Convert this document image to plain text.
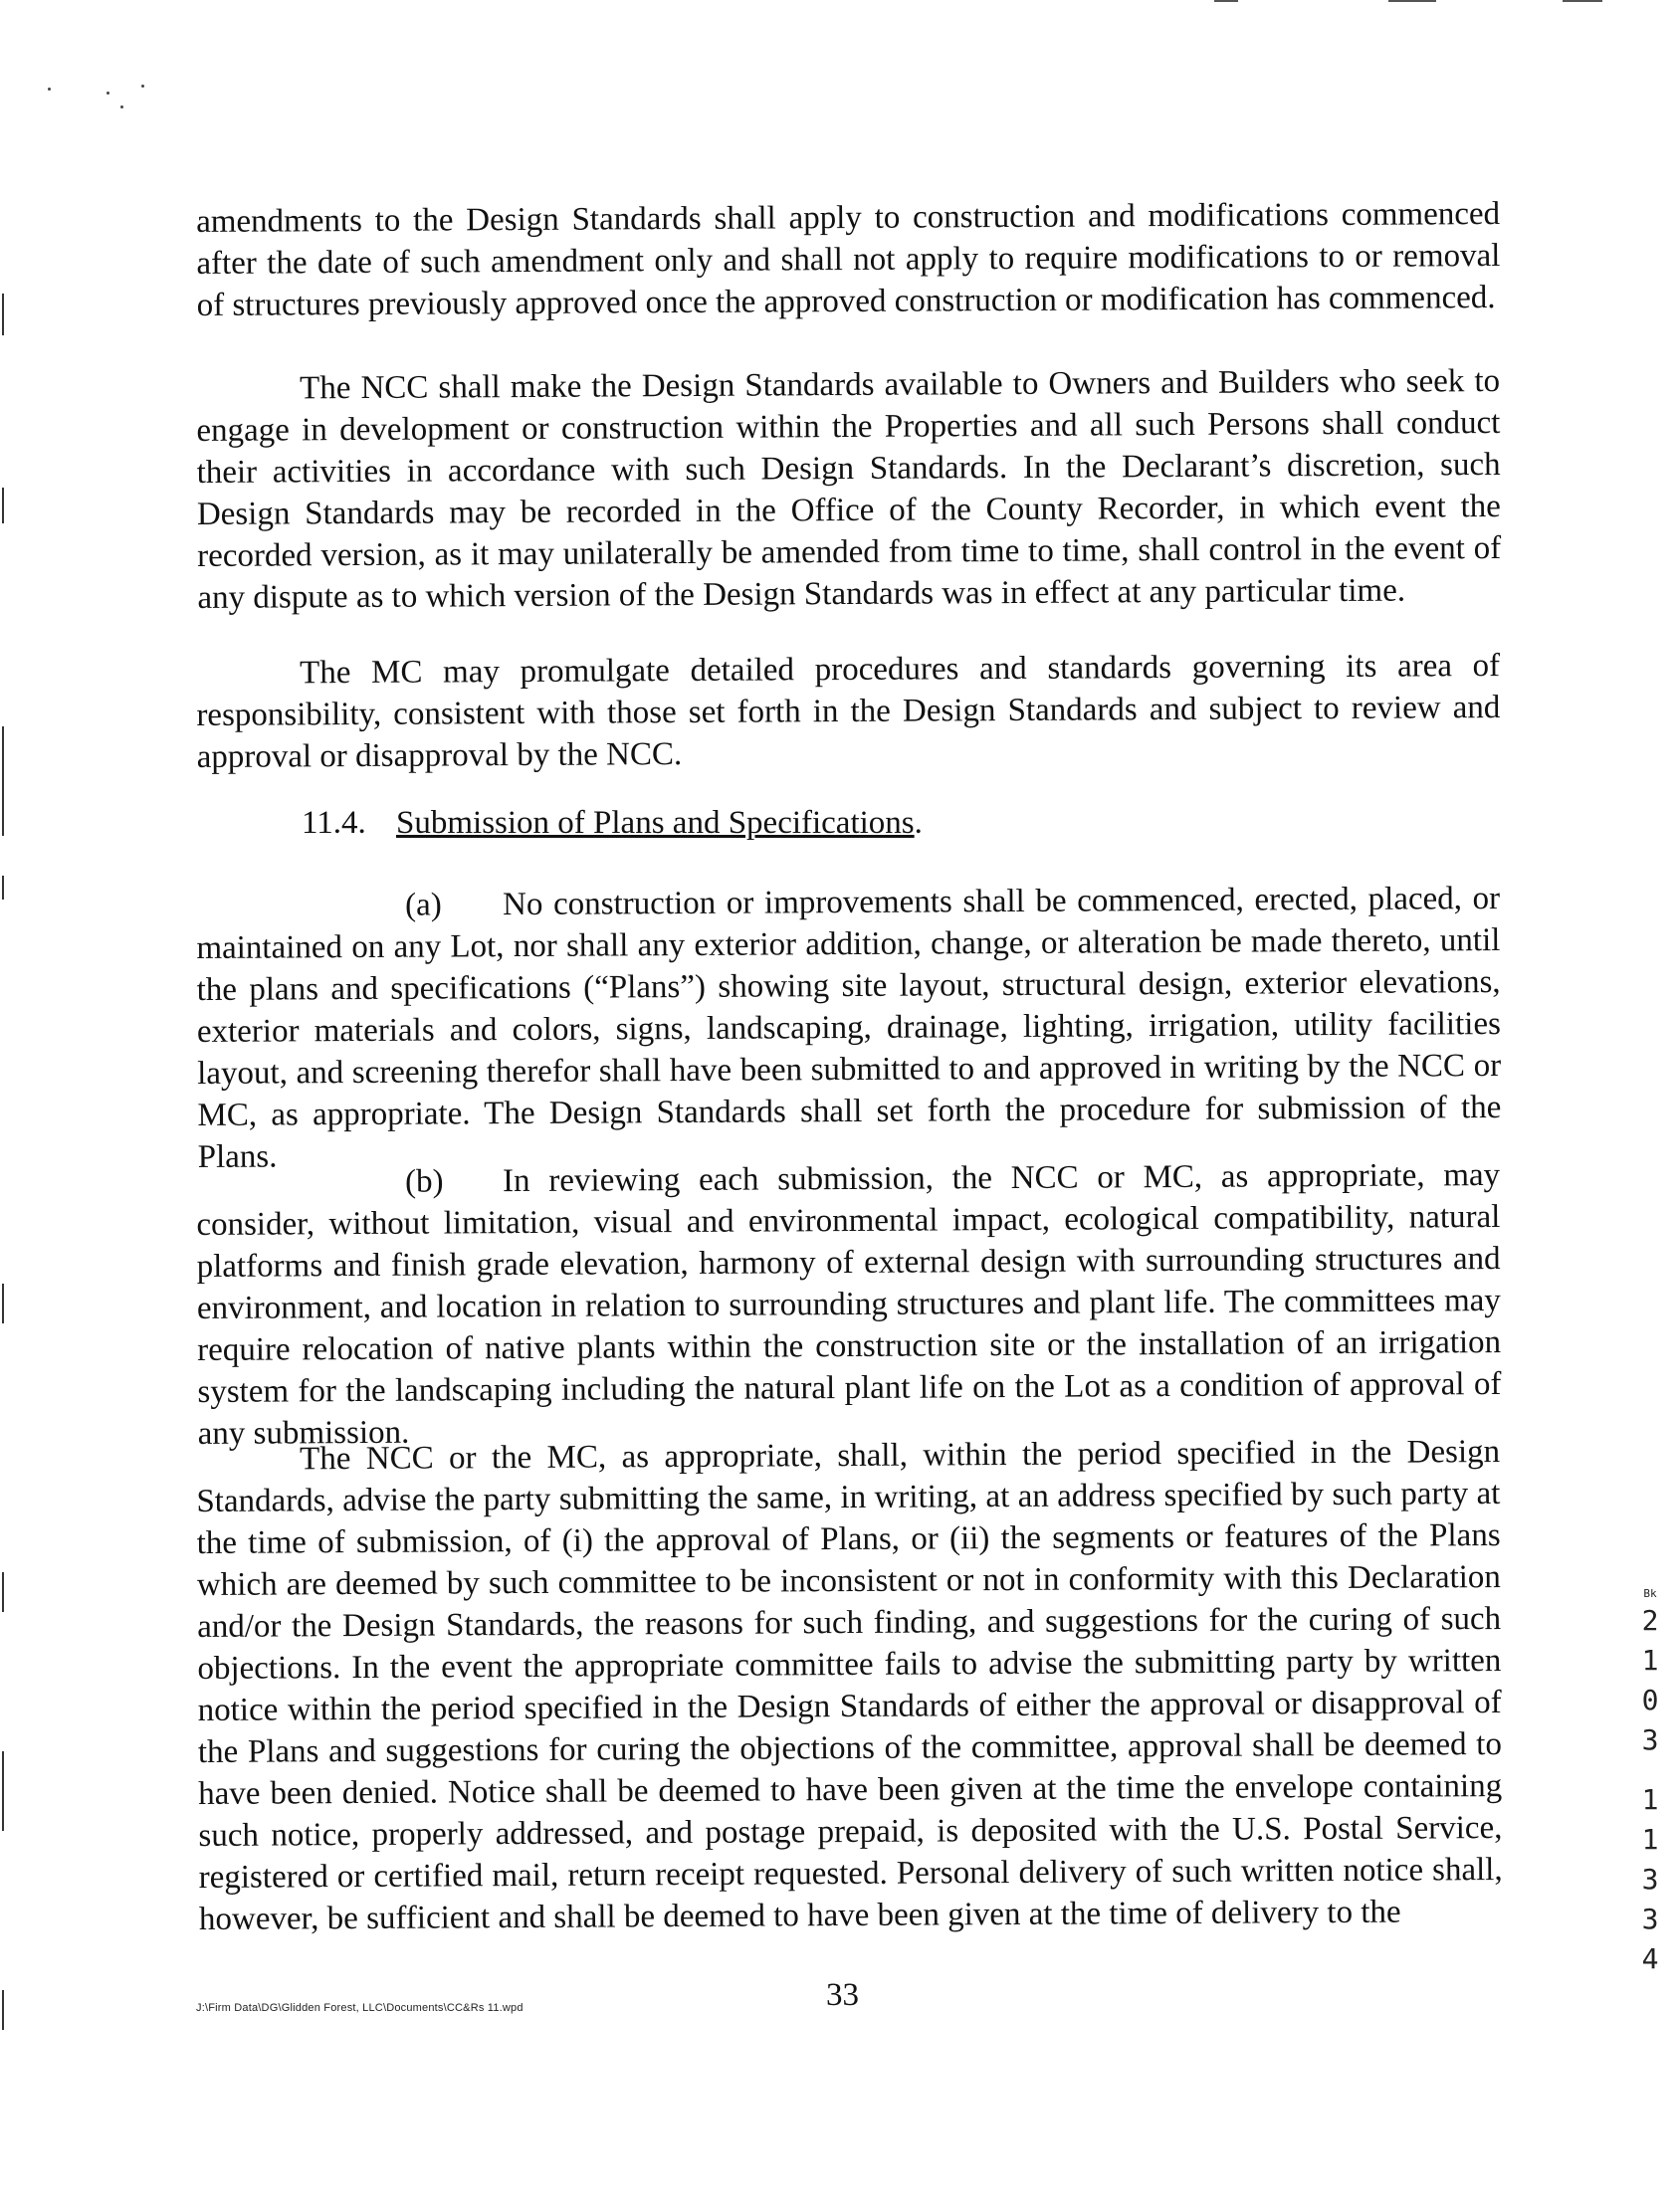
amendments to the Design Standards shall apply to construction and modifications commenced after the date of such amendment only and shall not apply to require modifications to or removal of structures previously approved once the approved construction or modification has commenced.

The NCC shall make the Design Standards available to Owners and Builders who seek to engage in development or construction within the Properties and all such Persons shall conduct their activities in accordance with such Design Standards. In the Declarant’s discretion, such Design Standards may be recorded in the Office of the County Recorder, in which event the recorded version, as it may unilaterally be amended from time to time, shall control in the event of any dispute as to which version of the Design Standards was in effect at any particular time.

The MC may promulgate detailed procedures and standards governing its area of responsibility, consistent with those set forth in the Design Standards and subject to review and approval or disapproval by the NCC.

11.4. Submission of Plans and Specifications.

(a) No construction or improvements shall be commenced, erected, placed, or maintained on any Lot, nor shall any exterior addition, change, or alteration be made thereto, until the plans and specifications (“Plans”) showing site layout, structural design, exterior elevations, exterior materials and colors, signs, landscaping, drainage, lighting, irrigation, utility facilities layout, and screening therefor shall have been submitted to and approved in writing by the NCC or MC, as appropriate. The Design Standards shall set forth the procedure for submission of the Plans.

(b) In reviewing each submission, the NCC or MC, as appropriate, may consider, without limitation, visual and environmental impact, ecological compatibility, natural platforms and finish grade elevation, harmony of external design with surrounding structures and environment, and location in relation to surrounding structures and plant life. The committees may require relocation of native plants within the construction site or the installation of an irrigation system for the landscaping including the natural plant life on the Lot as a condition of approval of any submission.

The NCC or the MC, as appropriate, shall, within the period specified in the Design Standards, advise the party submitting the same, in writing, at an address specified by such party at the time of submission, of (i) the approval of Plans, or (ii) the segments or features of the Plans which are deemed by such committee to be inconsistent or not in conformity with this Declaration and/or the Design Standards, the reasons for such finding, and suggestions for the curing of such objections. In the event the appropriate committee fails to advise the submitting party by written notice within the period specified in the Design Standards of either the approval or disapproval of the Plans and suggestions for curing the objections of the committee, approval shall be deemed to have been denied. Notice shall be deemed to have been given at the time the envelope containing such notice, properly addressed, and postage prepaid, is deposited with the U.S. Postal Service, registered or certified mail, return receipt requested. Personal delivery of such written notice shall, however, be sufficient and shall be deemed to have been given at the time of delivery to the

33
J:\Firm Data\DG\Glidden Forest, LLC\Documents\CC&Rs 11.wpd
Bk
2
1
0
3
1
1
3
3
4
